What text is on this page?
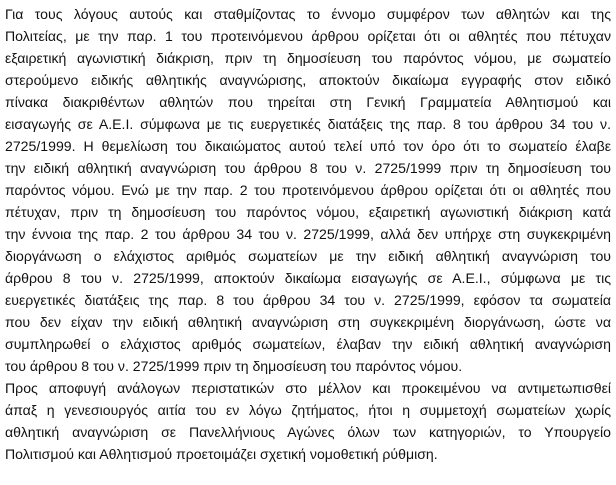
Για τους λόγους αυτούς και σταθμίζοντας το έννομο συμφέρον των αθλητών και της
Πολιτείας, με την παρ. 1 του προτεινόμενου άρθρου ορίζεται ότι οι αθλητές που πέτυχαν
εξαιρετική αγωνιστική διάκριση, πριν τη δημοσίευση του παρόντος νόμου, με σωματείο
στερούμενο ειδικής αθλητικής αναγνώρισης, αποκτούν δικαίωμα εγγραφής στον ειδικό
πίνακα διακριθέντων αθλητών που τηρείται στη Γενική Γραμματεία Αθλητισμού και
εισαγωγής σε Α.Ε.Ι. σύμφωνα με τις ευεργετικές διατάξεις της παρ. 8 του άρθρου 34 του ν.
2725/1999. Η θεμελίωση του δικαιώματος αυτού τελεί υπό τον όρο ότι το σωματείο έλαβε
την ειδική αθλητική αναγνώριση του άρθρου 8 του ν. 2725/1999 πριν τη δημοσίευση του
παρόντος νόμου. Ενώ με την παρ. 2 του προτεινόμενου άρθρου ορίζεται ότι οι αθλητές που
πέτυχαν, πριν τη δημοσίευση του παρόντος νόμου, εξαιρετική αγωνιστική διάκριση κατά
την έννοια της παρ. 2 του άρθρου 34 του ν. 2725/1999, αλλά δεν υπήρχε στη συγκεκριμένη
διοργάνωση ο ελάχιστος αριθμός σωματείων με την ειδική αθλητική αναγνώριση του
άρθρου 8 του ν. 2725/1999, αποκτούν δικαίωμα εισαγωγής σε Α.Ε.Ι., σύμφωνα με τις
ευεργετικές διατάξεις της παρ. 8 του άρθρου 34 του ν. 2725/1999, εφόσον τα σωματεία
που δεν είχαν την ειδική αθλητική αναγνώριση στη συγκεκριμένη διοργάνωση, ώστε να
συμπληρωθεί ο ελάχιστος αριθμός σωματείων, έλαβαν την ειδική αθλητική αναγνώριση
του άρθρου 8 του ν. 2725/1999 πριν τη δημοσίευση του παρόντος νόμου.
Προς αποφυγή ανάλογων περιστατικών στο μέλλον και προκειμένου να αντιμετωπισθεί
άπαξ η γενεσιουργός αιτία του εν λόγω ζητήματος, ήτοι η συμμετοχή σωματείων χωρίς
αθλητική αναγνώριση σε Πανελλήνιους Αγώνες όλων των κατηγοριών, το Υπουργείο
Πολιτισμού και Αθλητισμού προετοιμάζει σχετική νομοθετική ρύθμιση.
